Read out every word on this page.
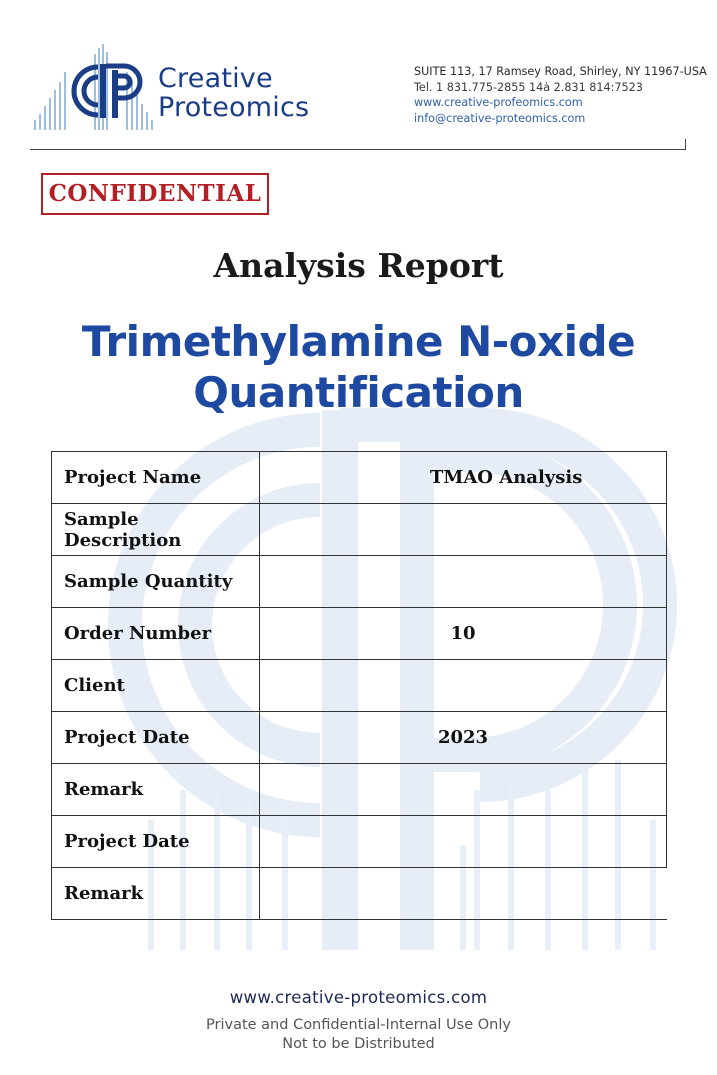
Creative
Proteomics
SUITE 113, 17 Ramsey Road, Shirley, NY 11967-USA
Tel. 1 831.775-2855 14ȧ 2.831 814:7523
www.creative-profeomics.com
info@creative-proteomics.com
CONFIDENTIAL
Analysis Report
Trimethylamine N-oxide
Quantification
Project Name	TMAO Analysis
Sample Description	
Sample Quantity	
Order Number	10
Client	
Project Date	2023
Remark	
Project Date	
Remark	
www.creative-proteomics.com
Private and Confidential-Internal Use Only
Not to be Distributed
